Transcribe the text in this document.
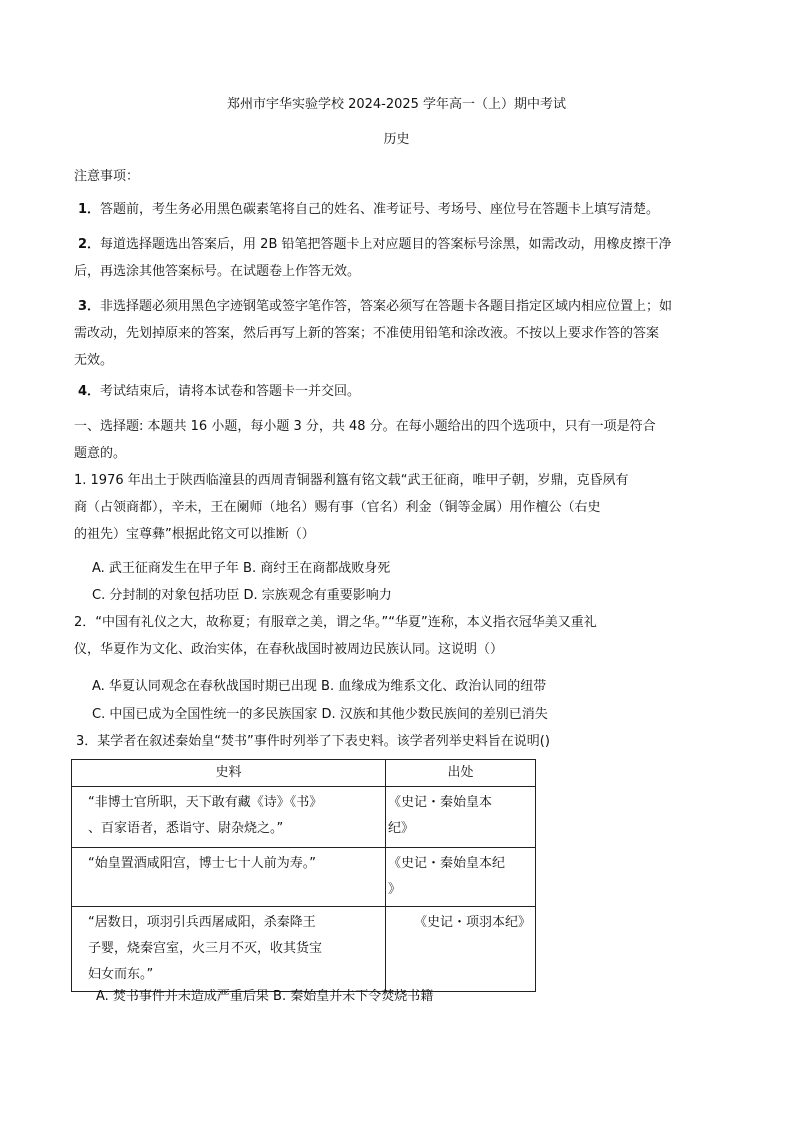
郑州市宇华实验学校 2024-2025 学年高一（上）期中考试
历史
注意事项：
1．答题前，考生务必用黑色碳素笔将自己的姓名、准考证号、考场号、座位号在答题卡上填写清楚。
2．每道选择题选出答案后，用 2B 铅笔把答题卡上对应题目的答案标号涂黑，如需改动，用橡皮擦干净
后，再选涂其他答案标号。在试题卷上作答无效。
3．非选择题必须用黑色字迹钢笔或签字笔作答，答案必须写在答题卡各题目指定区域内相应位置上；如
需改动，先划掉原来的答案，然后再写上新的答案；不准使用铅笔和涂改液。不按以上要求作答的答案
无效。
4．考试结束后，请将本试卷和答题卡一并交回。
一、选择题: 本题共 16 小题，每小题 3 分，共 48 分。在每小题给出的四个选项中，只有一项是符合
题意的。
1. 1976 年出土于陕西临潼县的西周青铜器利簋有铭文载“武王征商，唯甲子朝，岁鼎，克昏夙有
商（占领商都），辛未，王在阑师（地名）赐有事（官名）利金（铜等金属）用作檀公（右史
的祖先）宝尊彝”根据此铭文可以推断（）
A. 武王征商发生在甲子年 B. 商纣王在商都战败身死
C. 分封制的对象包括功臣 D. 宗族观念有重要影响力
2．“中国有礼仪之大，故称夏；有服章之美，谓之华。”“华夏”连称，本义指衣冠华美又重礼
仪，华夏作为文化、政治实体，在春秋战国时被周边民族认同。这说明（）
A. 华夏认同观念在春秋战国时期已出现 B. 血缘成为维系文化、政治认同的纽带
C. 中国已成为全国性统一的多民族国家 D. 汉族和其他少数民族间的差别已消失
3．某学者在叙述秦始皇“焚书”事件时列举了下表史料。该学者列举史料旨在说明()
史料	出处

“非博士官所职，天下敢有藏《诗》《书》
、百家语者，悉诣守、尉杂烧之。”	《史记・秦始皇本
纪》

“始皇置酒咸阳宫，博士七十人前为寿。”	《史记・秦始皇本纪
》

“居数日，项羽引兵西屠咸阳，杀秦降王
子婴，烧秦宫室，火三月不灭，收其货宝
妇女而东。”	《史记・项羽本纪》
A. 焚书事件并未造成严重后果 B. 秦始皇并未下令焚烧书籍
